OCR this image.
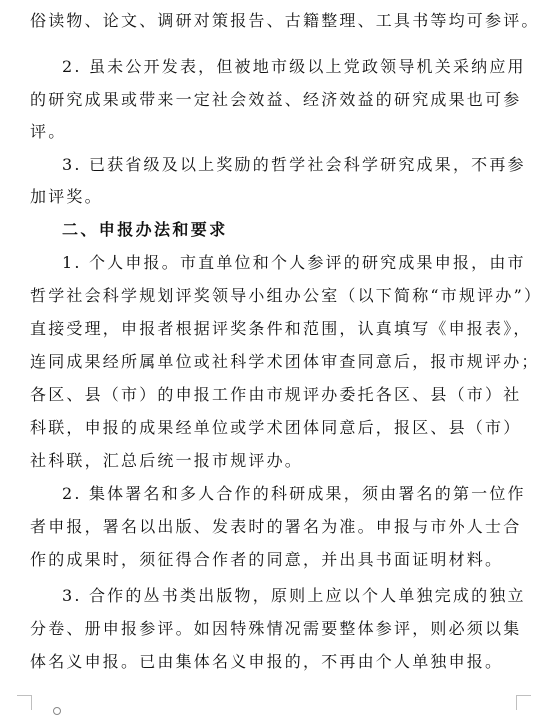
俗读物、论文、调研对策报告、古籍整理、工具书等均可参评。
2. 虽未公开发表，但被地市级以上党政领导机关采纳应用
的研究成果或带来一定社会效益、经济效益的研究成果也可参
评。
3. 已获省级及以上奖励的哲学社会科学研究成果，不再参
加评奖。
二、申报办法和要求
1. 个人申报。市直单位和个人参评的研究成果申报，由市
哲学社会科学规划评奖领导小组办公室（以下简称“市规评办”）
直接受理，申报者根据评奖条件和范围，认真填写《申报表》，
连同成果经所属单位或社科学术团体审查同意后，报市规评办；
各区、县（市）的申报工作由市规评办委托各区、县（市）社
科联，申报的成果经单位或学术团体同意后，报区、县（市）
社科联，汇总后统一报市规评办。
2. 集体署名和多人合作的科研成果，须由署名的第一位作
者申报，署名以出版、发表时的署名为准。申报与市外人士合
作的成果时，须征得合作者的同意，并出具书面证明材料。
3. 合作的丛书类出版物，原则上应以个人单独完成的独立
分卷、册申报参评。如因特殊情况需要整体参评，则必须以集
体名义申报。已由集体名义申报的，不再由个人单独申报。
